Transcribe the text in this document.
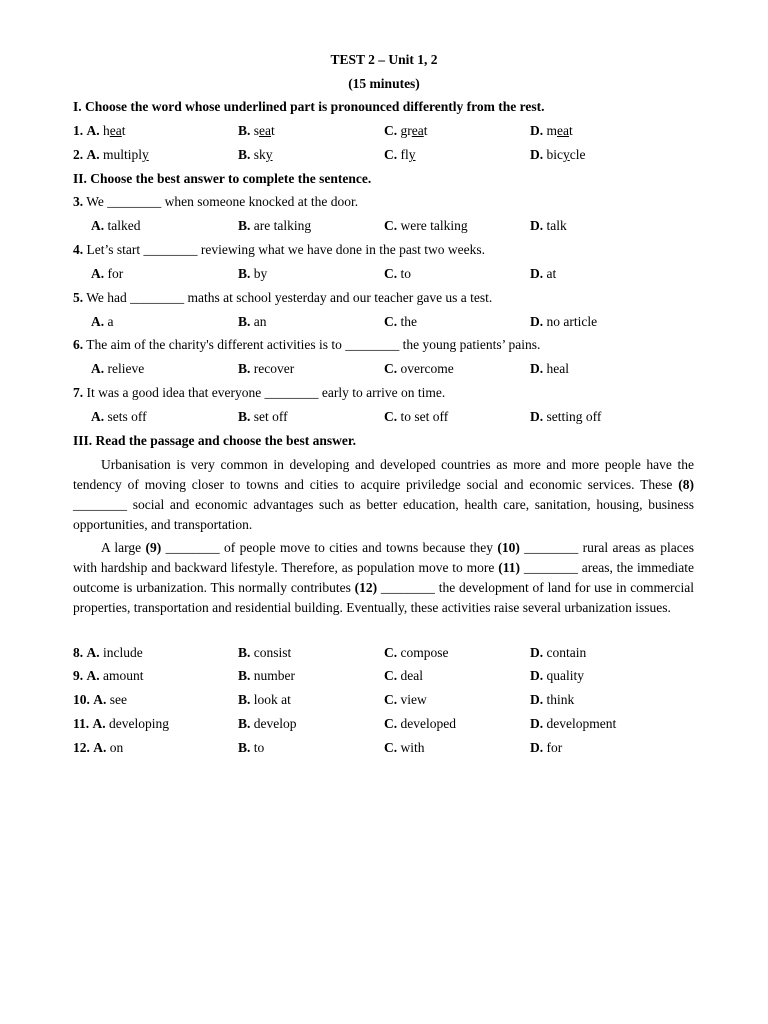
TEST 2 – Unit 1, 2
(15 minutes)
I. Choose the word whose underlined part is pronounced differently from the rest.
1. A. heat	B. seat	C. great	D. meat
2. A. multiply	B. sky	C. fly	D. bicycle
II. Choose the best answer to complete the sentence.
3. We ________ when someone knocked at the door.
A. talked	B. are talking	C. were talking	D. talk
4. Let’s start ________ reviewing what we have done in the past two weeks.
A. for	B. by	C. to	D. at
5. We had ________ maths at school yesterday and our teacher gave us a test.
A. a	B. an	C. the	D. no article
6. The aim of the charity's different activities is to ________ the young patients’ pains.
A. relieve	B. recover	C. overcome	D. heal
7. It was a good idea that everyone ________ early to arrive on time.
A. sets off	B. set off	C. to set off	D. setting off
III. Read the passage and choose the best answer.
Urbanisation is very common in developing and developed countries as more and more people have the tendency of moving closer to towns and cities to acquire priviledge social and economic services. These (8) ________ social and economic advantages such as better education, health care, sanitation, housing, business opportunities, and transportation.
A large (9) ________ of people move to cities and towns because they (10) ________ rural areas as places with hardship and backward lifestyle. Therefore, as population move to more (11) ________ areas, the immediate outcome is urbanization. This normally contributes (12) ________ the development of land for use in commercial properties, transportation and residential building. Eventually, these activities raise several urbanization issues.
8. A. include	B. consist	C. compose	D. contain
9. A. amount	B. number	C. deal	D. quality
10. A. see	B. look at	C. view	D. think
11. A. developing	B. develop	C. developed	D. development
12. A. on	B. to	C. with	D. for
